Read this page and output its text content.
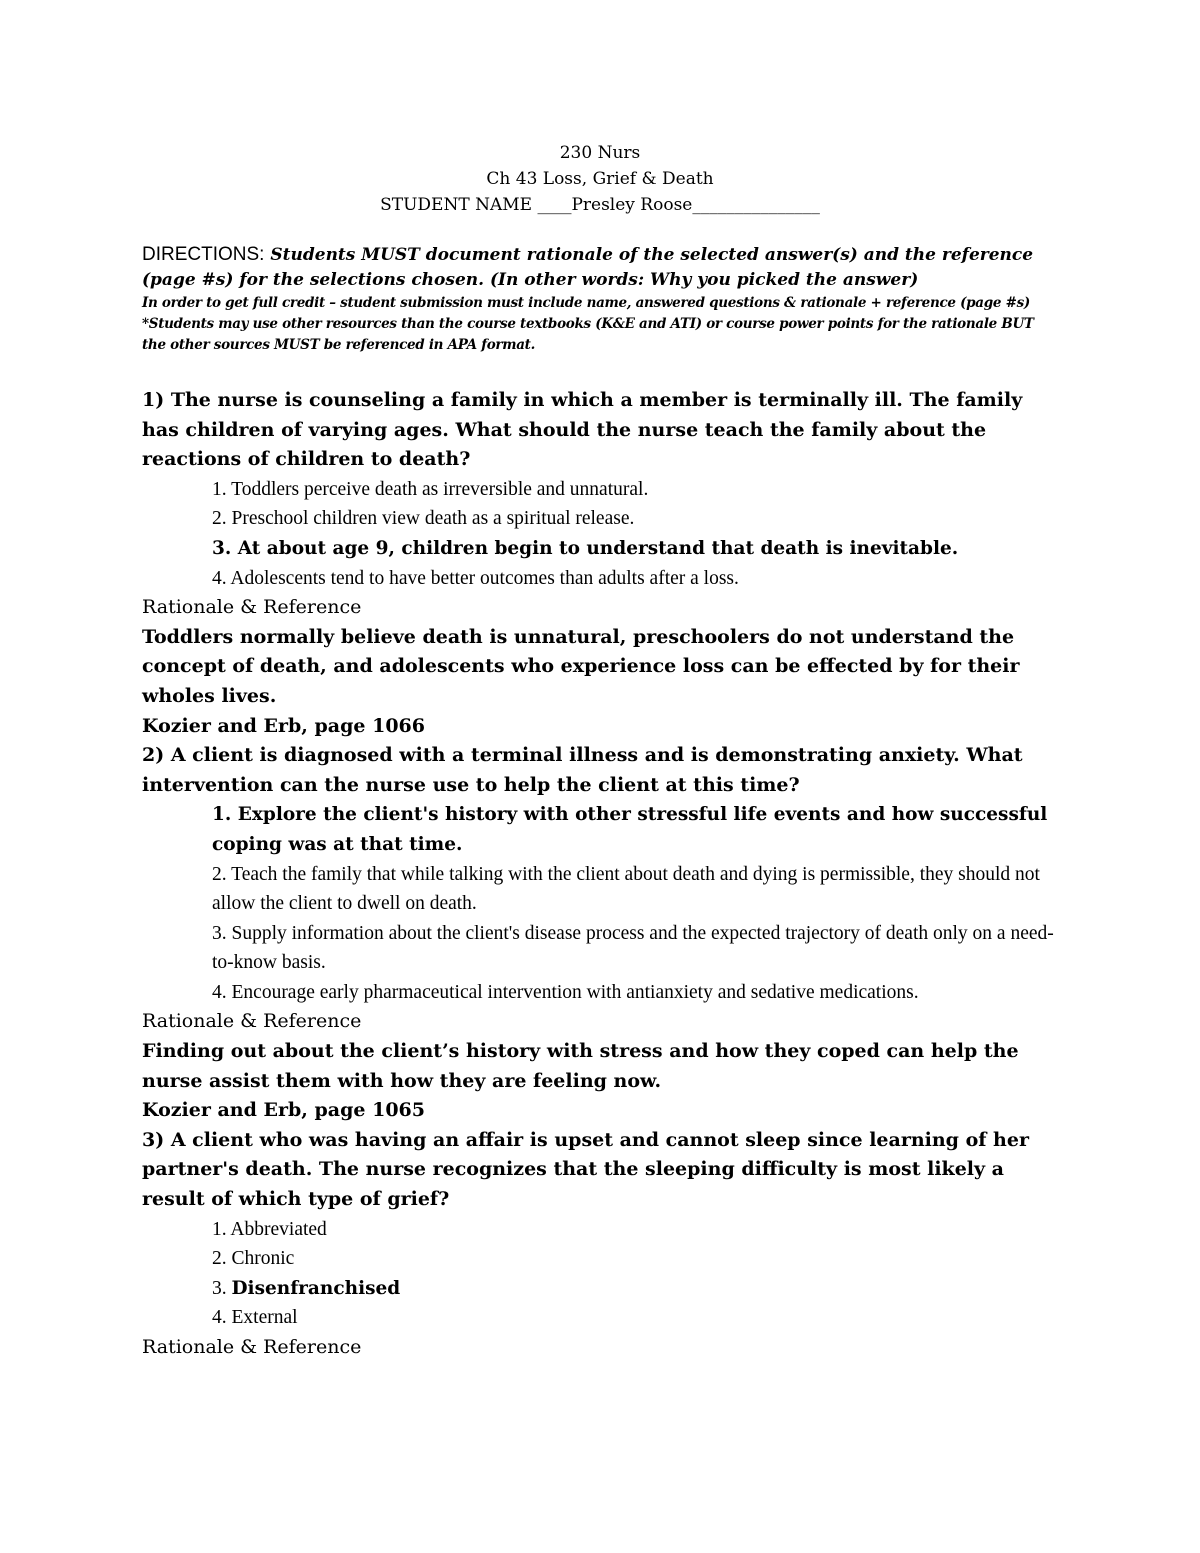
230 Nurs
Ch 43 Loss, Grief & Death
STUDENT NAME ____Presley Roose_______________
DIRECTIONS: Students MUST document rationale of the selected answer(s) and the reference (page #s) for the selections chosen. (In other words: Why you picked the answer)
In order to get full credit – student submission must include name, answered questions & rationale + reference (page #s)
*Students may use other resources than the course textbooks (K&E and ATI) or course power points for the rationale BUT the other sources MUST be referenced in APA format.
1) The nurse is counseling a family in which a member is terminally ill. The family has children of varying ages. What should the nurse teach the family about the reactions of children to death?
1. Toddlers perceive death as irreversible and unnatural.
2. Preschool children view death as a spiritual release.
3. At about age 9, children begin to understand that death is inevitable.
4. Adolescents tend to have better outcomes than adults after a loss.
Rationale & Reference
Toddlers normally believe death is unnatural, preschoolers do not understand the concept of death, and adolescents who experience loss can be effected by for their wholes lives.
Kozier and Erb, page 1066
2) A client is diagnosed with a terminal illness and is demonstrating anxiety. What intervention can the nurse use to help the client at this time?
1. Explore the client's history with other stressful life events and how successful coping was at that time.
2. Teach the family that while talking with the client about death and dying is permissible, they should not allow the client to dwell on death.
3. Supply information about the client's disease process and the expected trajectory of death only on a need-to-know basis.
4. Encourage early pharmaceutical intervention with antianxiety and sedative medications.
Rationale & Reference
Finding out about the client’s history with stress and how they coped can help the nurse assist them with how they are feeling now.
Kozier and Erb, page 1065
3) A client who was having an affair is upset and cannot sleep since learning of her partner's death. The nurse recognizes that the sleeping difficulty is most likely a result of which type of grief?
1. Abbreviated
2. Chronic
3. Disenfranchised
4. External
Rationale & Reference
